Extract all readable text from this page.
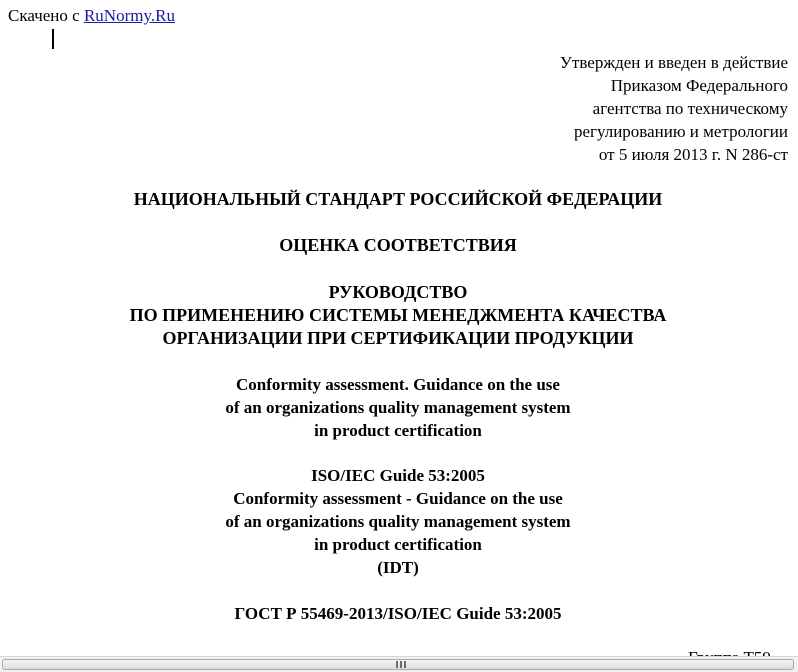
Скачено с RuNormy.Ru
Утвержден и введен в действие
Приказом Федерального
агентства по техническому
регулированию и метрологии
от 5 июля 2013 г. N 286-ст
НАЦИОНАЛЬНЫЙ СТАНДАРТ РОССИЙСКОЙ ФЕДЕРАЦИИ
ОЦЕНКА СООТВЕТСТВИЯ
РУКОВОДСТВО
ПО ПРИМЕНЕНИЮ СИСТЕМЫ МЕНЕДЖМЕНТА КАЧЕСТВА
ОРГАНИЗАЦИИ ПРИ СЕРТИФИКАЦИИ ПРОДУКЦИИ
Conformity assessment. Guidance on the use
of an organizations quality management system
in product certification
ISO/IEC Guide 53:2005
Conformity assessment - Guidance on the use
of an organizations quality management system
in product certification
(IDT)
ГОСТ Р 55469-2013/ISO/IEC Guide 53:2005
